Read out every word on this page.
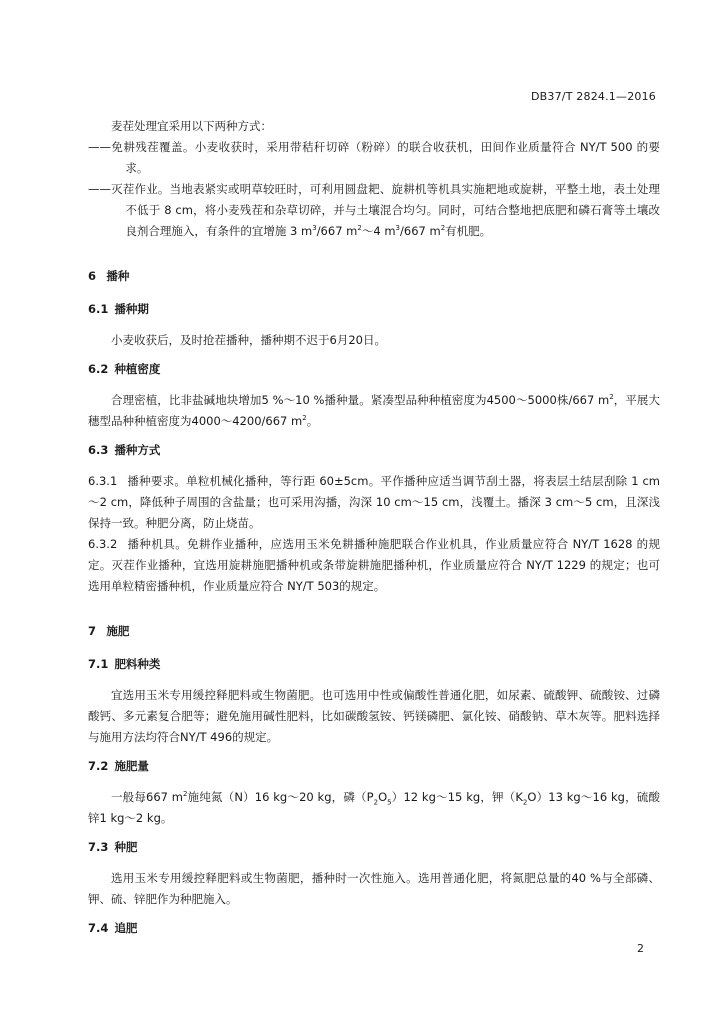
DB37/T 2824.1—2016

麦茬处理宜采用以下两种方式：

——免耕残茬覆盖。小麦收获时，采用带秸秆切碎（粉碎）的联合收获机，田间作业质量符合 NY/T 500 的要求。

——灭茬作业。当地表紧实或明草较旺时，可利用圆盘耙、旋耕机等机具实施耙地或旋耕，平整土地，表土处理不低于 8 cm，将小麦残茬和杂草切碎，并与土壤混合均匀。同时，可结合整地把底肥和磷石膏等土壤改良剂合理施入，有条件的宜增施 3 $m^3/667$ $m^2\sim 4$ $m^3/667$ $m^2$有机肥。

6 播种

6.1 播种期

小麦收获后，及时抢茬播种，播种期不迟于6月20日。

6.2 种植密度

合理密植，比非盐碱地块增加5 %～10 %播种量。紧凑型品种种植密度为4500～5000株/667 $m^2$，平展大穗型品种种植密度为4000～4200/667 $m^2$。

6.3 播种方式

6.3.1 播种要求。单粒机械化播种，等行距 60±5cm。平作播种应适当调节刮土器，将表层土结层刮除 1 cm～2 cm，降低种子周围的含盐量；也可采用沟播，沟深 10 cm～15 cm，浅覆土。播深 3 cm～5 cm，且深浅保持一致。种肥分离，防止烧苗。

6.3.2 播种机具。免耕作业播种，应选用玉米免耕播种施肥联合作业机具，作业质量应符合 NY/T 1628 的规定。灭茬作业播种，宜选用旋耕施肥播种机或条带旋耕施肥播种机，作业质量应符合 NY/T 1229 的规定；也可选用单粒精密播种机，作业质量应符合 NY/T 503的规定。

7 施肥

7.1 肥料种类

宜选用玉米专用缓控释肥料或生物菌肥。也可选用中性或偏酸性普通化肥，如尿素、硫酸钾、硫酸铵、过磷酸钙、多元素复合肥等；避免施用碱性肥料，比如碳酸氢铵、钙镁磷肥、氯化铵、硝酸钠、草木灰等。肥料选择与施用方法均符合NY/T 496的规定。

7.2 施肥量

一般每667 $m^2$施纯氮（N）16 kg～20 kg，磷$(P_2O_5)12$ kg～15 kg，钾$(K_2O)13$ kg～16 kg，硫酸锌1 kg～2 kg。

7.3 种肥

选用玉米专用缓控释肥料或生物菌肥，播种时一次性施入。选用普通化肥，将氮肥总量的40 %与全部磷、钾、硫、锌肥作为种肥施入。

7.4 追肥

2
